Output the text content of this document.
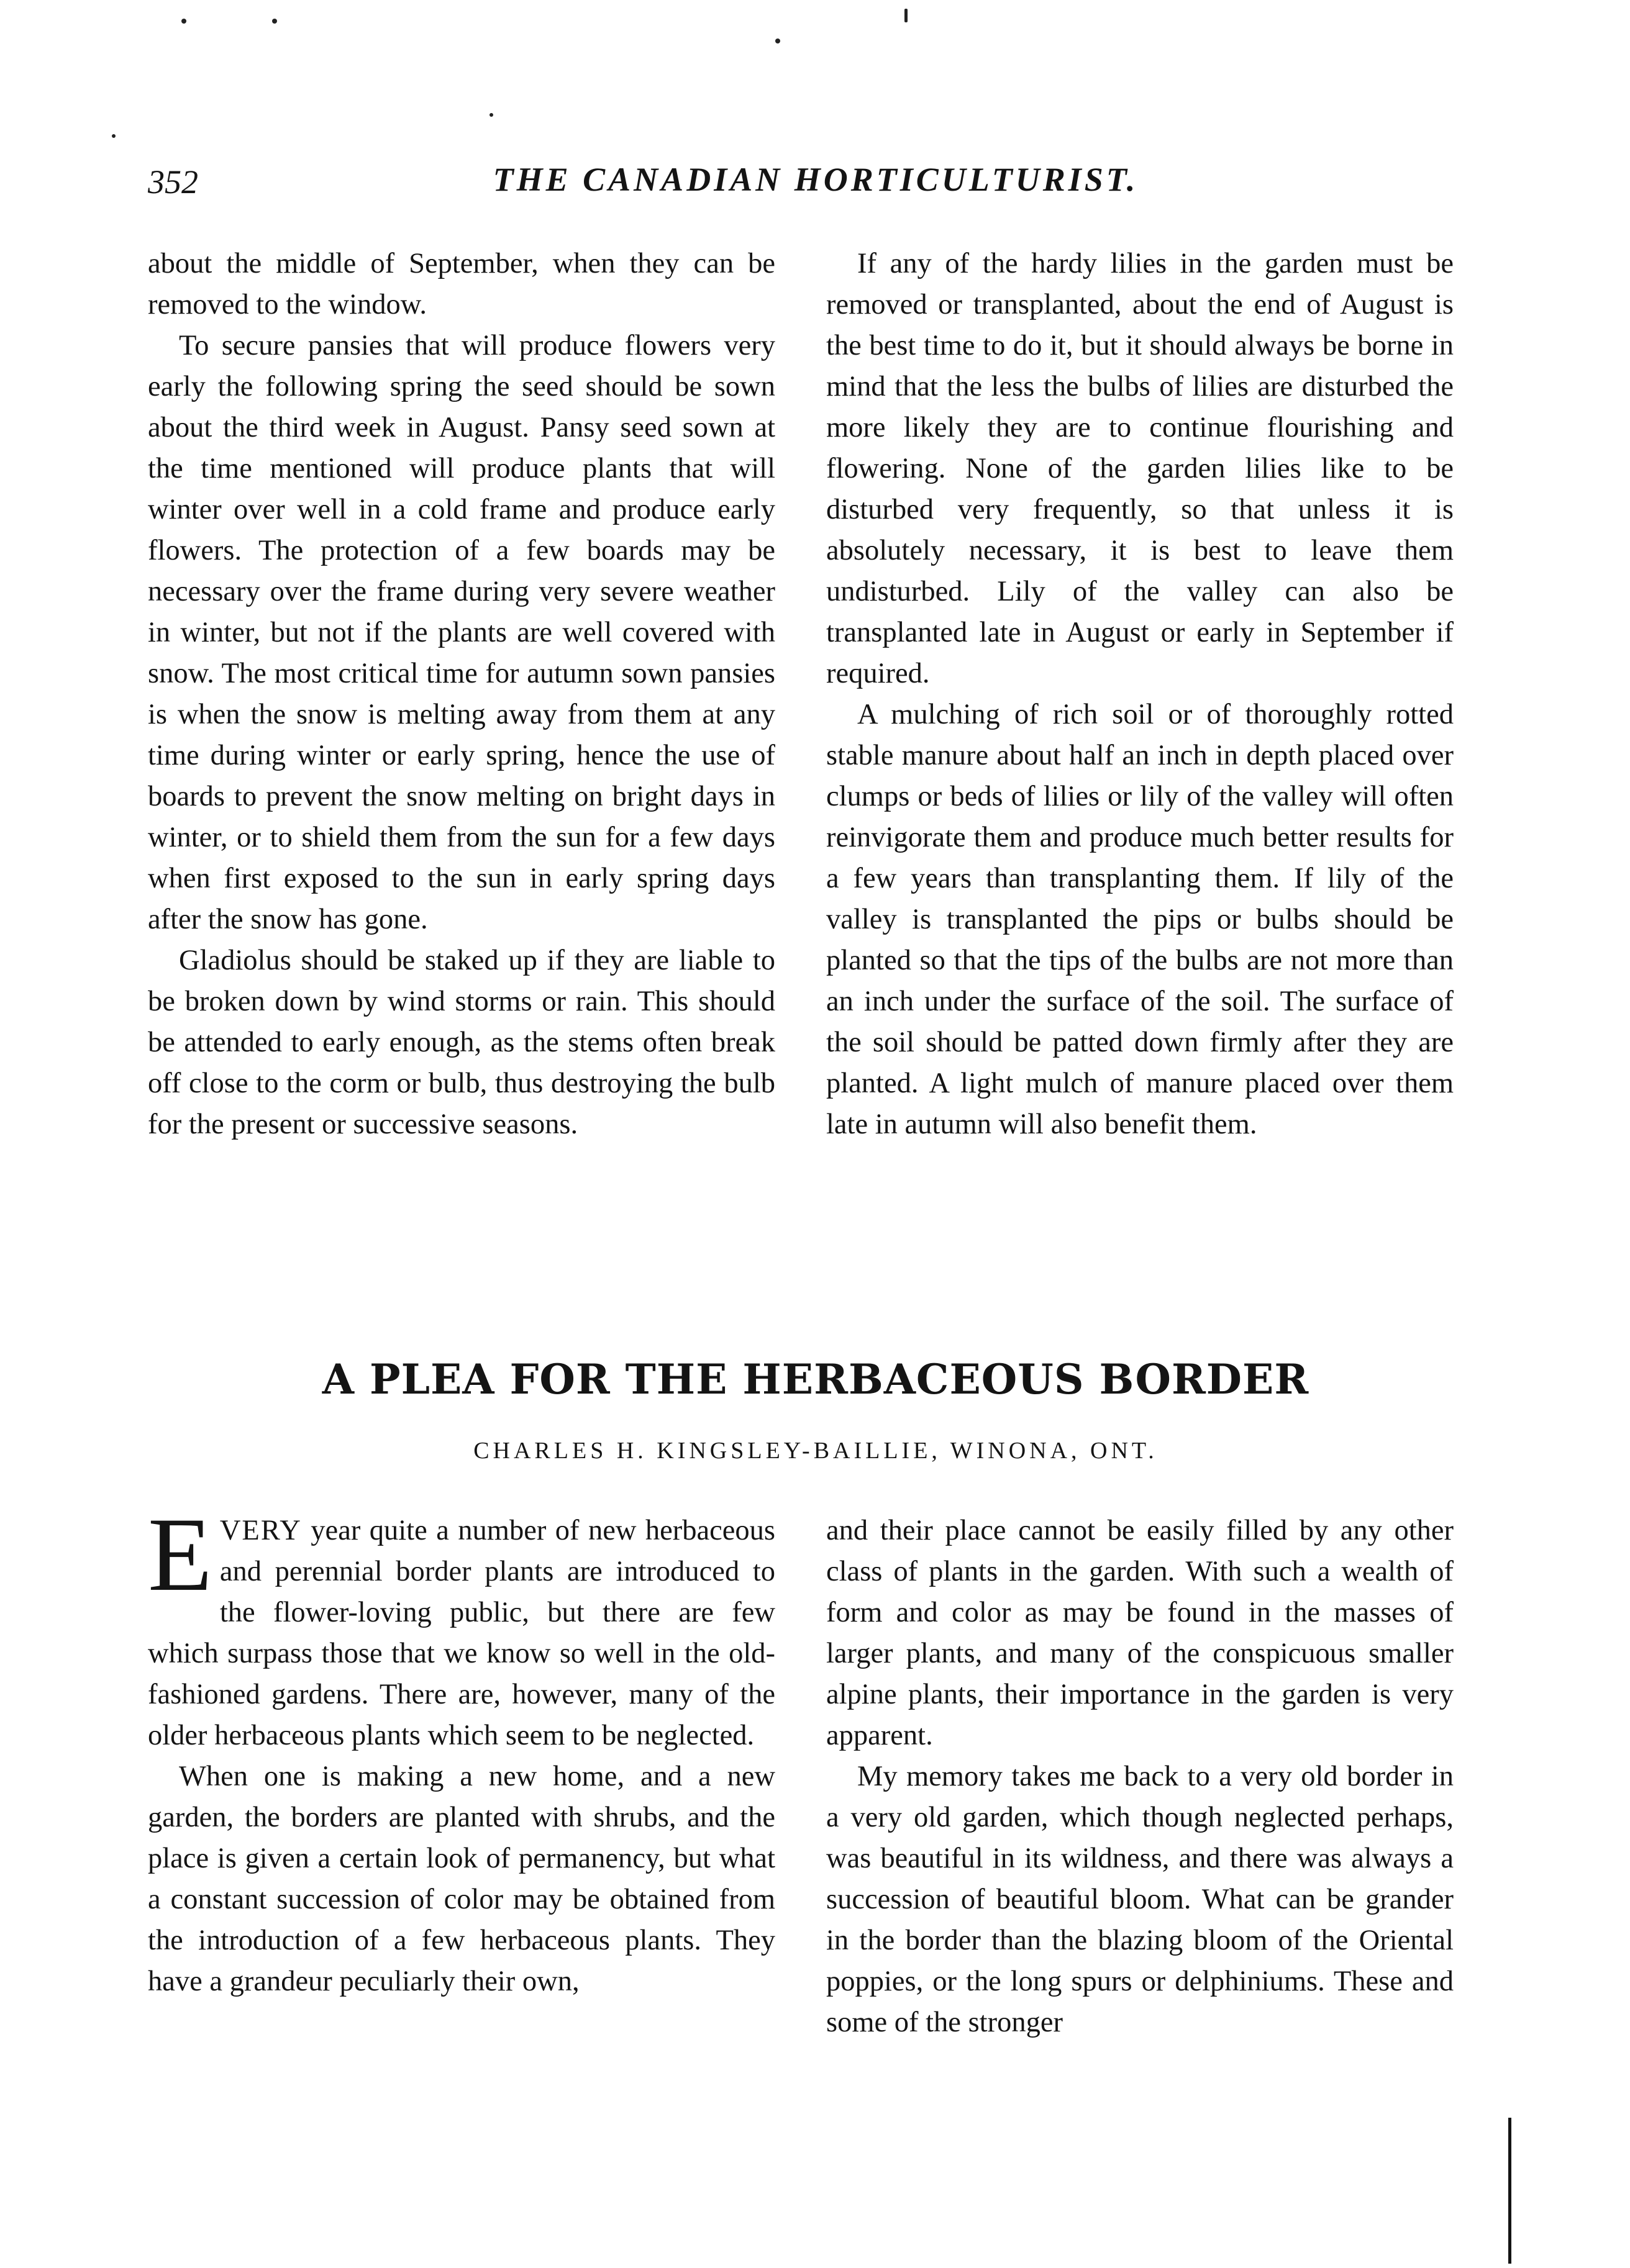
352	THE CANADIAN HORTICULTURIST.

about the middle of September, when they can be removed to the window.

To secure pansies that will produce flowers very early the following spring the seed should be sown about the third week in August. Pansy seed sown at the time mentioned will produce plants that will winter over well in a cold frame and produce early flowers. The protection of a few boards may be necessary over the frame during very severe weather in winter, but not if the plants are well covered with snow. The most critical time for autumn sown pansies is when the snow is melting away from them at any time during winter or early spring, hence the use of boards to prevent the snow melting on bright days in winter, or to shield them from the sun for a few days when first exposed to the sun in early spring days after the snow has gone.

Gladiolus should be staked up if they are liable to be broken down by wind storms or rain. This should be attended to early enough, as the stems often break off close to the corm or bulb, thus destroying the bulb for the present or successive seasons.

If any of the hardy lilies in the garden must be removed or transplanted, about the end of August is the best time to do it, but it should always be borne in mind that the less the bulbs of lilies are disturbed the more likely they are to continue flourishing and flowering. None of the garden lilies like to be disturbed very frequently, so that unless it is absolutely necessary, it is best to leave them undisturbed. Lily of the valley can also be transplanted late in August or early in September if required.

A mulching of rich soil or of thoroughly rotted stable manure about half an inch in depth placed over clumps or beds of lilies or lily of the valley will often reinvigorate them and produce much better results for a few years than transplanting them. If lily of the valley is transplanted the pips or bulbs should be planted so that the tips of the bulbs are not more than an inch under the surface of the soil. The surface of the soil should be patted down firmly after they are planted. A light mulch of manure placed over them late in autumn will also benefit them.

A PLEA FOR THE HERBACEOUS BORDER
CHARLES H. KINGSLEY-BAILLIE, WINONA, ONT.

EVERY year quite a number of new herbaceous and perennial border plants are introduced to the flower-loving public, but there are few which surpass those that we know so well in the old-fashioned gardens. There are, however, many of the older herbaceous plants which seem to be neglected.

When one is making a new home, and a new garden, the borders are planted with shrubs, and the place is given a certain look of permanency, but what a constant succession of color may be obtained from the introduction of a few herbaceous plants. They have a grandeur peculiarly their own,

and their place cannot be easily filled by any other class of plants in the garden. With such a wealth of form and color as may be found in the masses of larger plants, and many of the conspicuous smaller alpine plants, their importance in the garden is very apparent.

My memory takes me back to a very old border in a very old garden, which though neglected perhaps, was beautiful in its wildness, and there was always a succession of beautiful bloom. What can be grander in the border than the blazing bloom of the Oriental poppies, or the long spurs or delphiniums. These and some of the stronger
